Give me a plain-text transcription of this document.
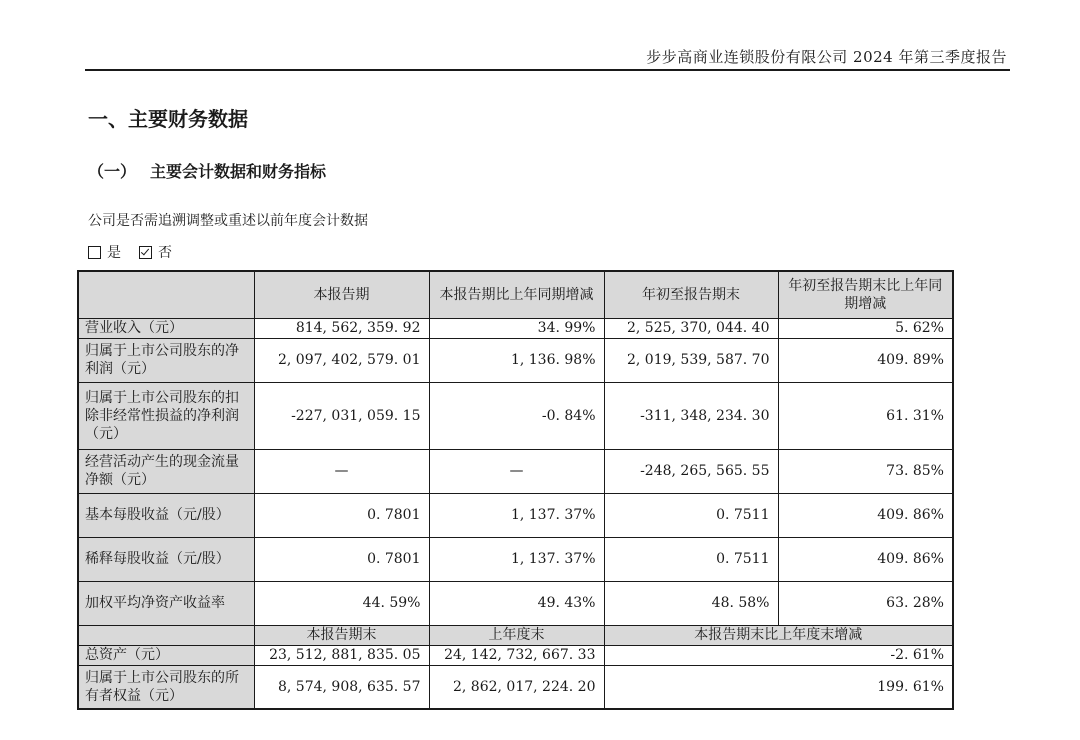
步步高商业连锁股份有限公司 2024 年第三季度报告
一、主要财务数据
（一） 主要会计数据和财务指标
公司是否需追溯调整或重述以前年度会计数据
是	否
	本报告期	本报告期比上年同期增减	年初至报告期末	年初至报告期末比上年同期增减
营业收入（元）	814, 562, 359. 92	34. 99%	2, 525, 370, 044. 40	5. 62%
归属于上市公司股东的净利润（元）	2, 097, 402, 579. 01	1, 136. 98%	2, 019, 539, 587. 70	409. 89%
归属于上市公司股东的扣除非经常性损益的净利润（元）	-227, 031, 059. 15	-0. 84%	-311, 348, 234. 30	61. 31%
经营活动产生的现金流量净额（元）	—	—	-248, 265, 565. 55	73. 85%
基本每股收益（元/股）	0. 7801	1, 137. 37%	0. 7511	409. 86%
稀释每股收益（元/股）	0. 7801	1, 137. 37%	0. 7511	409. 86%
加权平均净资产收益率	44. 59%	49. 43%	48. 58%	63. 28%
	本报告期末	上年度末	本报告期末比上年度末增减	
总资产（元）	23, 512, 881, 835. 05	24, 142, 732, 667. 33	-2. 61%	
归属于上市公司股东的所有者权益（元）	8, 574, 908, 635. 57	2, 862, 017, 224. 20	199. 61%	
